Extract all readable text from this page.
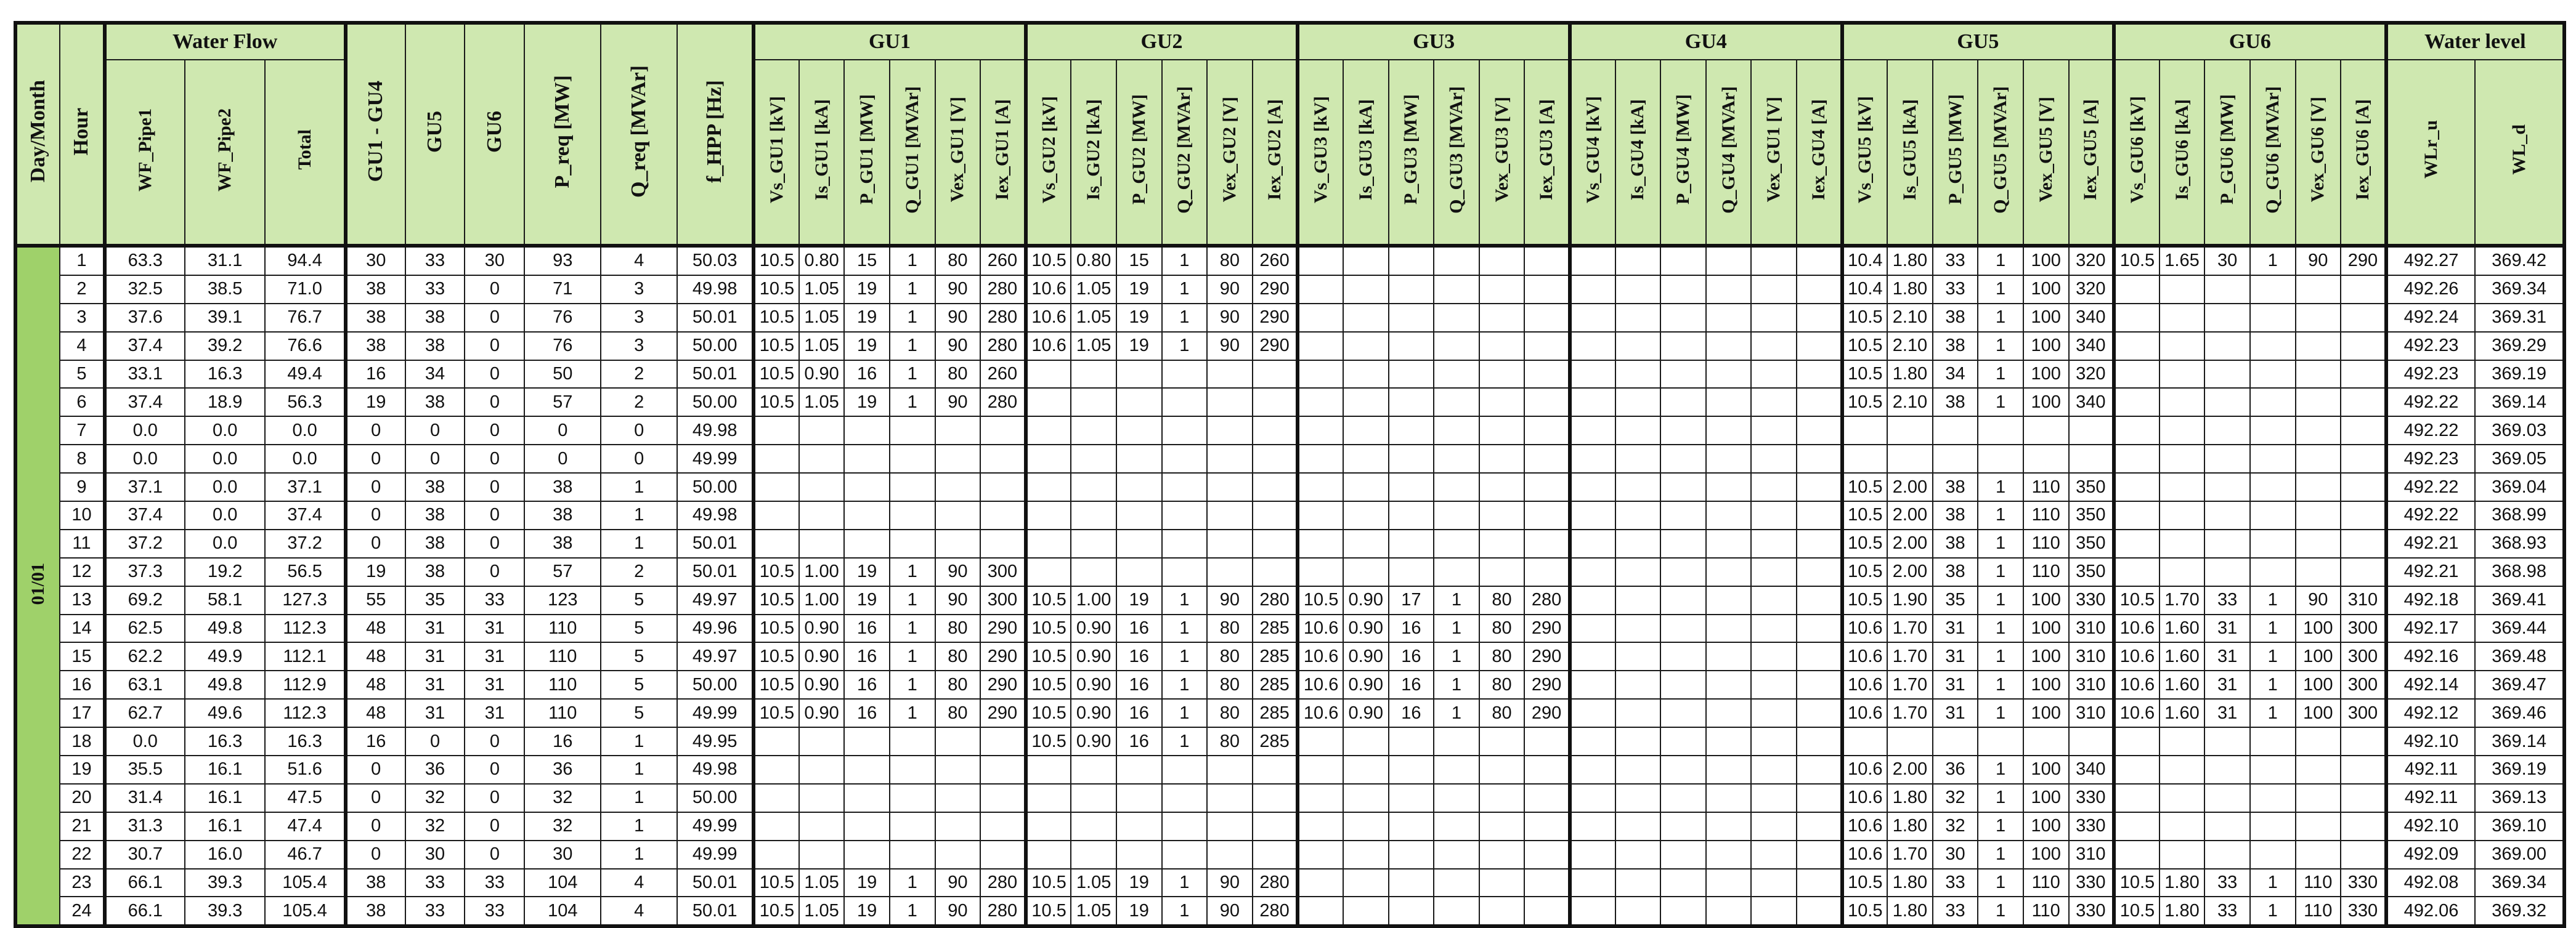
Day/Month	Hour	Water Flow			GU1 - GU4	GU5	GU6	P_req [MW]	Q_req [MVAr]	f_HPP [Hz]	GU1						GU2						GU3						GU4						GU5						GU6						Water level	
		WF_Pipe1	WF_Pipe2	Total							Vs_GU1 [kV]	Is_GU1 [kA]	P_GU1 [MW]	Q_GU1 [MVAr]	Vex_GU1 [V]	Iex_GU1 [A]	Vs_GU2 [kV]	Is_GU2 [kA]	P_GU2 [MW]	Q_GU2 [MVAr]	Vex_GU2 [V]	Iex_GU2 [A]	Vs_GU3 [kV]	Is_GU3 [kA]	P_GU3 [MW]	Q_GU3 [MVAr]	Vex_GU3 [V]	Iex_GU3 [A]	Vs_GU4 [kV]	Is_GU4 [kA]	P_GU4 [MW]	Q_GU4 [MVAr]	Vex_GU1 [V]	Iex_GU4 [A]	Vs_GU5 [kV]	Is_GU5 [kA]	P_GU5 [MW]	Q_GU5 [MVAr]	Vex_GU5 [V]	Iex_GU5 [A]	Vs_GU6 [kV]	Is_GU6 [kA]	P_GU6 [MW]	Q_GU6 [MVAr]	Vex_GU6 [V]	Iex_GU6 [A]	WLr_u	WL_d
01/01	1	63.3	31.1	94.4	30	33	30	93	4	50.03	10.5	0.80	15	1	80	260	10.5	0.80	15	1	80	260													10.4	1.80	33	1	100	320	10.5	1.65	30	1	90	290	492.27	369.42
	2	32.5	38.5	71.0	38	33	0	71	3	49.98	10.5	1.05	19	1	90	280	10.6	1.05	19	1	90	290													10.4	1.80	33	1	100	320							492.26	369.34
	3	37.6	39.1	76.7	38	38	0	76	3	50.01	10.5	1.05	19	1	90	280	10.6	1.05	19	1	90	290													10.5	2.10	38	1	100	340							492.24	369.31
	4	37.4	39.2	76.6	38	38	0	76	3	50.00	10.5	1.05	19	1	90	280	10.6	1.05	19	1	90	290													10.5	2.10	38	1	100	340							492.23	369.29
	5	33.1	16.3	49.4	16	34	0	50	2	50.01	10.5	0.90	16	1	80	260																			10.5	1.80	34	1	100	320							492.23	369.19
	6	37.4	18.9	56.3	19	38	0	57	2	50.00	10.5	1.05	19	1	90	280																			10.5	2.10	38	1	100	340							492.22	369.14
	7	0.0	0.0	0.0	0	0	0	0	0	49.98																																					492.22	369.03
	8	0.0	0.0	0.0	0	0	0	0	0	49.99																																					492.23	369.05
	9	37.1	0.0	37.1	0	38	0	38	1	50.00																									10.5	2.00	38	1	110	350							492.22	369.04
	10	37.4	0.0	37.4	0	38	0	38	1	49.98																									10.5	2.00	38	1	110	350							492.22	368.99
	11	37.2	0.0	37.2	0	38	0	38	1	50.01																									10.5	2.00	38	1	110	350							492.21	368.93
	12	37.3	19.2	56.5	19	38	0	57	2	50.01	10.5	1.00	19	1	90	300																			10.5	2.00	38	1	110	350							492.21	368.98
	13	69.2	58.1	127.3	55	35	33	123	5	49.97	10.5	1.00	19	1	90	300	10.5	1.00	19	1	90	280	10.5	0.90	17	1	80	280							10.5	1.90	35	1	100	330	10.5	1.70	33	1	90	310	492.18	369.41
	14	62.5	49.8	112.3	48	31	31	110	5	49.96	10.5	0.90	16	1	80	290	10.5	0.90	16	1	80	285	10.6	0.90	16	1	80	290							10.6	1.70	31	1	100	310	10.6	1.60	31	1	100	300	492.17	369.44
	15	62.2	49.9	112.1	48	31	31	110	5	49.97	10.5	0.90	16	1	80	290	10.5	0.90	16	1	80	285	10.6	0.90	16	1	80	290							10.6	1.70	31	1	100	310	10.6	1.60	31	1	100	300	492.16	369.48
	16	63.1	49.8	112.9	48	31	31	110	5	50.00	10.5	0.90	16	1	80	290	10.5	0.90	16	1	80	285	10.6	0.90	16	1	80	290							10.6	1.70	31	1	100	310	10.6	1.60	31	1	100	300	492.14	369.47
	17	62.7	49.6	112.3	48	31	31	110	5	49.99	10.5	0.90	16	1	80	290	10.5	0.90	16	1	80	285	10.6	0.90	16	1	80	290							10.6	1.70	31	1	100	310	10.6	1.60	31	1	100	300	492.12	369.46
	18	0.0	16.3	16.3	16	0	0	16	1	49.95							10.5	0.90	16	1	80	285																									492.10	369.14
	19	35.5	16.1	51.6	0	36	0	36	1	49.98																									10.6	2.00	36	1	100	340							492.11	369.19
	20	31.4	16.1	47.5	0	32	0	32	1	50.00																									10.6	1.80	32	1	100	330							492.11	369.13
	21	31.3	16.1	47.4	0	32	0	32	1	49.99																									10.6	1.80	32	1	100	330							492.10	369.10
	22	30.7	16.0	46.7	0	30	0	30	1	49.99																									10.6	1.70	30	1	100	310							492.09	369.00
	23	66.1	39.3	105.4	38	33	33	104	4	50.01	10.5	1.05	19	1	90	280	10.5	1.05	19	1	90	280													10.5	1.80	33	1	110	330	10.5	1.80	33	1	110	330	492.08	369.34
	24	66.1	39.3	105.4	38	33	33	104	4	50.01	10.5	1.05	19	1	90	280	10.5	1.05	19	1	90	280													10.5	1.80	33	1	110	330	10.5	1.80	33	1	110	330	492.06	369.32
